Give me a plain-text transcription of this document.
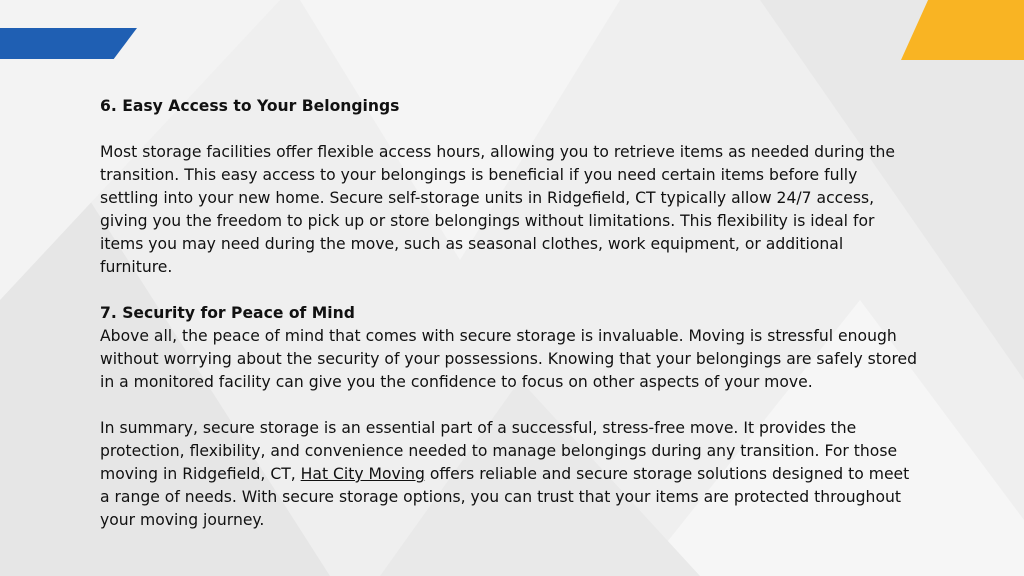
6. Easy Access to Your Belongings

Most storage facilities offer flexible access hours, allowing you to retrieve items as needed during the transition. This easy access to your belongings is beneficial if you need certain items before fully settling into your new home. Secure self-storage units in Ridgefield, CT typically allow 24/7 access, giving you the freedom to pick up or store belongings without limitations. This flexibility is ideal for items you may need during the move, such as seasonal clothes, work equipment, or additional furniture.

7. Security for Peace of Mind

Above all, the peace of mind that comes with secure storage is invaluable. Moving is stressful enough without worrying about the security of your possessions. Knowing that your belongings are safely stored in a monitored facility can give you the confidence to focus on other aspects of your move.

In summary, secure storage is an essential part of a successful, stress-free move. It provides the protection, flexibility, and convenience needed to manage belongings during any transition. For those moving in Ridgefield, CT, Hat City Moving offers reliable and secure storage solutions designed to meet a range of needs. With secure storage options, you can trust that your items are protected throughout your moving journey.
